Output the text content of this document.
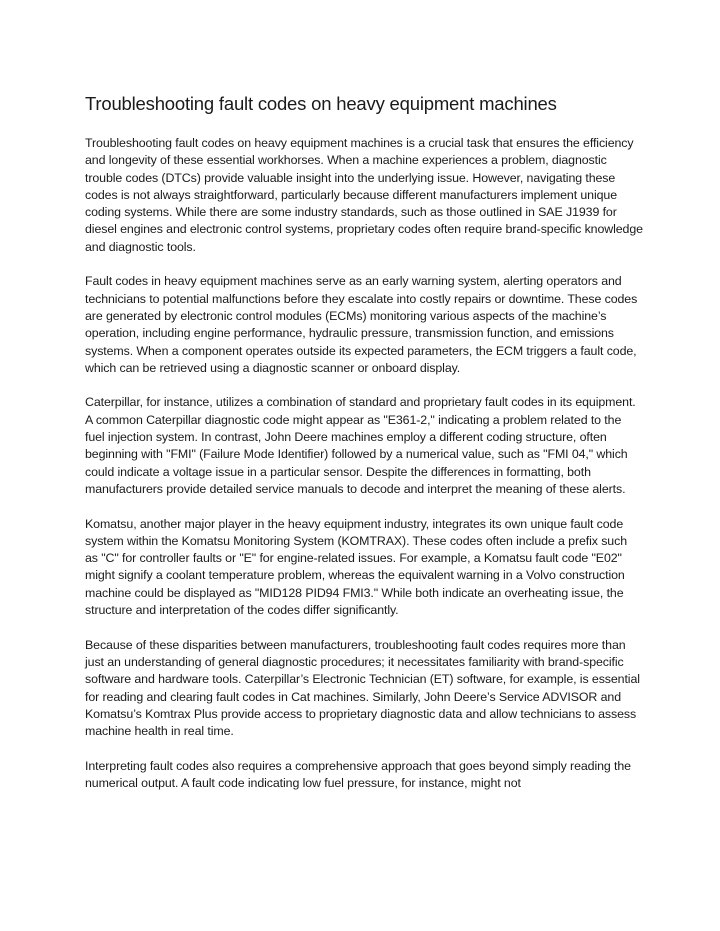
Troubleshooting fault codes on heavy equipment machines

Troubleshooting fault codes on heavy equipment machines is a crucial task that ensures the efficiency and longevity of these essential workhorses. When a machine experiences a problem, diagnostic trouble codes (DTCs) provide valuable insight into the underlying issue. However, navigating these codes is not always straightforward, particularly because different manufacturers implement unique coding systems. While there are some industry standards, such as those outlined in SAE J1939 for diesel engines and electronic control systems, proprietary codes often require brand-specific knowledge and diagnostic tools.

Fault codes in heavy equipment machines serve as an early warning system, alerting operators and technicians to potential malfunctions before they escalate into costly repairs or downtime. These codes are generated by electronic control modules (ECMs) monitoring various aspects of the machine’s operation, including engine performance, hydraulic pressure, transmission function, and emissions systems. When a component operates outside its expected parameters, the ECM triggers a fault code, which can be retrieved using a diagnostic scanner or onboard display.

Caterpillar, for instance, utilizes a combination of standard and proprietary fault codes in its equipment. A common Caterpillar diagnostic code might appear as "E361-2," indicating a problem related to the fuel injection system. In contrast, John Deere machines employ a different coding structure, often beginning with "FMI" (Failure Mode Identifier) followed by a numerical value, such as "FMI 04," which could indicate a voltage issue in a particular sensor. Despite the differences in formatting, both manufacturers provide detailed service manuals to decode and interpret the meaning of these alerts.

Komatsu, another major player in the heavy equipment industry, integrates its own unique fault code system within the Komatsu Monitoring System (KOMTRAX). These codes often include a prefix such as "C" for controller faults or "E" for engine-related issues. For example, a Komatsu fault code "E02" might signify a coolant temperature problem, whereas the equivalent warning in a Volvo construction machine could be displayed as "MID128 PID94 FMI3." While both indicate an overheating issue, the structure and interpretation of the codes differ significantly.

Because of these disparities between manufacturers, troubleshooting fault codes requires more than just an understanding of general diagnostic procedures; it necessitates familiarity with brand-specific software and hardware tools. Caterpillar’s Electronic Technician (ET) software, for example, is essential for reading and clearing fault codes in Cat machines. Similarly, John Deere’s Service ADVISOR and Komatsu’s Komtrax Plus provide access to proprietary diagnostic data and allow technicians to assess machine health in real time.

Interpreting fault codes also requires a comprehensive approach that goes beyond simply reading the numerical output. A fault code indicating low fuel pressure, for instance, might not
